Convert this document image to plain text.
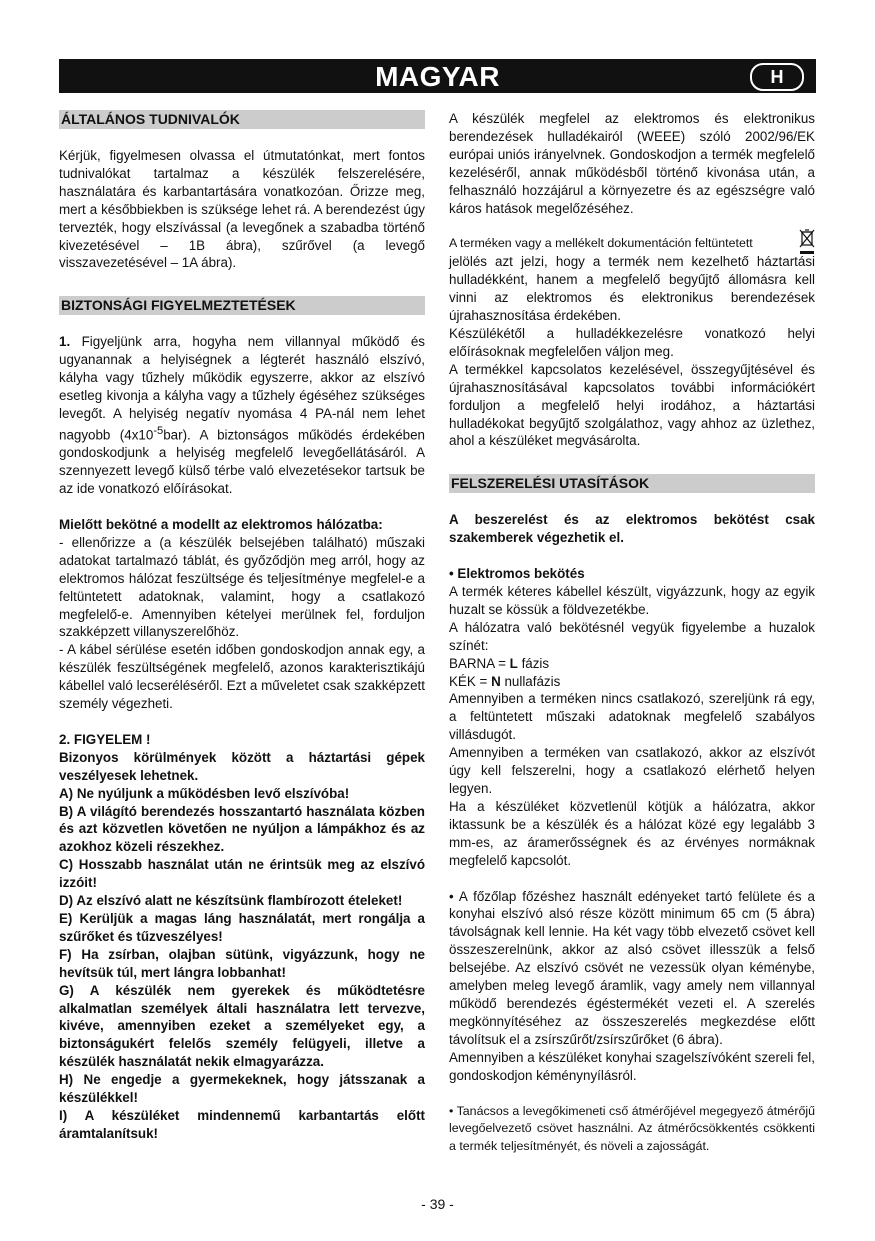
MAGYAR	H
ÁLTALÁNOS TUDNIVALÓK

Kérjük, figyelmesen olvassa el útmutatónkat, mert fontos tudnivalókat tartalmaz a készülék felszerelésére, használatára és karbantartására vonatkozóan. Őrizze meg, mert a későbbiekben is szüksége lehet rá. A berendezést úgy tervezték, hogy elszívással (a levegőnek a szabadba történő kivezetésével – 1B ábra), szűrővel (a levegő visszavezetésével – 1A ábra).

BIZTONSÁGI FIGYELMEZTETÉSEK

1. Figyeljünk arra, hogyha nem villannyal működő és ugyanannak a helyiségnek a légterét használó elszívó, kályha vagy tűzhely működik egyszerre, akkor az elszívó esetleg kivonja a kályha vagy a tűzhely égéséhez szükséges levegőt. A helyiség negatív nyomása 4 PA-nál nem lehet nagyobb $(4x10^{-5}bar)$. A biztonságos működés érdekében gondoskodjunk a helyiség megfelelő levegőellátásáról. A szennyezett levegő külső térbe való elvezetésekor tartsuk be az ide vonatkozó előírásokat.

Mielőtt bekötné a modellt az elektromos hálózatba:

- ellenőrizze a (a készülék belsejében található) műszaki adatokat tartalmazó táblát, és győződjön meg arról, hogy az elektromos hálózat feszültsége és teljesítménye megfelel-e a feltüntetett adatoknak, valamint, hogy a csatlakozó megfelelő-e. Amennyiben kételyei merülnek fel, forduljon szakképzett villanyszerelőhöz.

- A kábel sérülése esetén időben gondoskodjon annak egy, a készülék feszültségének megfelelő, azonos karakterisztikájú kábellel való lecseréléséről. Ezt a műveletet csak szakképzett személy végezheti.

2. FIGYELEM !

Bizonyos körülmények között a háztartási gépek veszélyesek lehetnek.

A) Ne nyúljunk a működésben levő elszívóba!

B) A világító berendezés hosszantartó használata közben és azt közvetlen követően ne nyúljon a lámpákhoz és az azokhoz közeli részekhez.

C) Hosszabb használat után ne érintsük meg az elszívó izzóit!

D) Az elszívó alatt ne készítsünk flambírozott ételeket!

E) Kerüljük a magas láng használatát, mert rongálja a szűrőket és tűzveszélyes!

F) Ha zsírban, olajban sütünk, vigyázzunk, hogy ne hevítsük túl, mert lángra lobbanhat!

G) A készülék nem gyerekek és működtetésre alkalmatlan személyek általi használatra lett tervezve, kivéve, amennyiben ezeket a személyeket egy, a biztonságukért felelős személy felügyeli, illetve a készülék használatát nekik elmagyarázza.

H) Ne engedje a gyermekeknek, hogy játsszanak a készülékkel!

I) A készüléket mindennemű karbantartás előtt áramtalanítsuk!

A készülék megfelel az elektromos és elektronikus berendezések hulladékairól (WEEE) szóló 2002/96/EK európai uniós irányelvnek. Gondoskodjon a termék megfelelő kezeléséről, annak működésből történő kivonása után, a felhasználó hozzájárul a környezetre és az egészségre való káros hatások megelőzéséhez.

A terméken vagy a mellékelt dokumentáción feltüntetett

jelölés azt jelzi, hogy a termék nem kezelhető háztartási hulladékként, hanem a megfelelő begyűjtő állomásra kell vinni az elektromos és elektronikus berendezések újrahasznosítása érdekében.

Készülékétől a hulladékkezelésre vonatkozó helyi előírásoknak megfelelően váljon meg.

A termékkel kapcsolatos kezelésével, összegyűjtésével és újrahasznosításával kapcsolatos további információkért forduljon a megfelelő helyi irodához, a háztartási hulladékokat begyűjtő szolgálathoz, vagy ahhoz az üzlethez, ahol a készüléket megvásárolta.

FELSZERELÉSI UTASÍTÁSOK

A beszerelést és az elektromos bekötést csak szakemberek végezhetik el.

• Elektromos bekötés

A termék kéteres kábellel készült, vigyázzunk, hogy az egyik huzalt se kössük a földvezetékbe.

A hálózatra való bekötésnél vegyük figyelembe a huzalok színét:

BARNA = L fázis

KÉK = N nullafázis

Amennyiben a terméken nincs csatlakozó, szereljünk rá egy, a feltüntetett műszaki adatoknak megfelelő szabályos villásdugót.

Amennyiben a terméken van csatlakozó, akkor az elszívót úgy kell felszerelni, hogy a csatlakozó elérhető helyen legyen.

Ha a készüléket közvetlenül kötjük a hálózatra, akkor iktassunk be a készülék és a hálózat közé egy legalább 3 mm-es, az áramerősségnek és az érvényes normáknak megfelelő kapcsolót.

• A főzőlap főzéshez használt edényeket tartó felülete és a konyhai elszívó alsó része között minimum 65 cm (5 ábra) távolságnak kell lennie. Ha két vagy több elvezető csövet kell összeszerelnünk, akkor az alsó csövet illesszük a felső belsejébe. Az elszívó csövét ne vezessük olyan kéménybe, amelyben meleg levegő áramlik, vagy amely nem villannyal működő berendezés égéstermékét vezeti el. A szerelés megkönnyítéséhez az összeszerelés megkezdése előtt távolítsuk el a zsírszűrőt/zsírszűrőket (6 ábra).

Amennyiben a készüléket konyhai szagelszívóként szereli fel, gondoskodjon kéménynyílásról.

• Tanácsos a levegőkimeneti cső átmérőjével megegyező átmérőjű levegőelvezető csövet használni. Az átmérőcsökkentés csökkenti a termék teljesítményét, és növeli a zajosságát.

- 39 -
